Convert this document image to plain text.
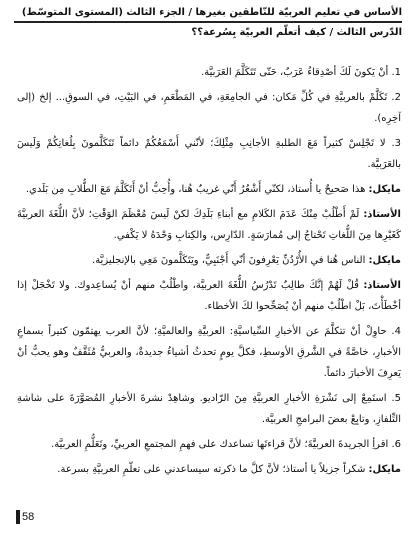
الأساس في تعليم العربيّة للنّاطقين بغيرها / الجزء الثالث (المستوى المتوسّط)
الدّرس الثالث / كيف أتعلّم العربيّة بِسُرعة؟؟

1. أنْ يَكونَ لَكَ أصْدِقاءُ عَرَبٌ، حَتّى تَتَكَلَّمَ العَرَبيَّة.

2. تَكَلَّمْ بالعربيَّةِ في كُلِّ مَكان: في الجامِعَةِ، في المَطْعَمِ، في البَيْتِ، في السوقِ... إلخ (إلى آخِرِه).

3. لا تَجْلِسْ كثيراً مَعَ الطلبةِ الأجانِبِ مِثْلِكَ؛ لأنّني أَسْمَعُكُمْ دائماً تَتَكَلَّمونَ بِلُغاتِكُمْ وَلَيسَ بالعَرَبيَّة.

مايكل: هذا صَحيحٌ يا أُستاذ، لكنّي أَشْعُرُ أَنّي غريبٌ هُنا، وأُحِبُّ أنْ أَتَكَلَّمَ مَعَ الطُّلابِ مِن بَلَدي.

الأستاذ: لَمْ أَطْلُبْ مِنْكَ عَدَمَ الكَلامِ مع أبناءِ بَلَدِكَ لكنْ لَيسَ مُعْظَمَ الوَقْتِ؛ لأنَّ اللُّغَةَ العربيَّةَ كَغَيْرِها مِنَ اللُّغاتِ تَحْتاجُ إلى مُمارَسَةٍ. الدّارِس، والكِتابِ وَحْدَهُ لا يَكْفي.

مايكل: الناس هُنا في الأُرْدُنِّ يَعْرِفونَ أنّي أَجْنَبِيٌّ، ويَتَكَلَّمونَ مَعِي بالإنجليزيَّة.

الأستاذ: قُلْ لَهُمْ إنَّكَ طالِبٌ تَدْرُسُ اللُّغَةَ العربيَّة، واطْلُبْ منهم أنْ يُساعِدوك. ولا تَخْجَلْ إذا أخْطَأْتَ، بَلْ اطْلُبْ منهم أنْ يُصَحِّحوا لكَ الأخطاء.

4. حاوِلْ أنْ تتكلَّمَ عن الأخبارِ السِّياسيَّةِ: العربيَّةِ والعالميَّةِ؛ لأنَّ العرب يهتمّون كثيراً بسماعِ الأخبارِ، خاصَّةً في الشَّرقِ الأوسطِ، فكلَّ يومٍ تحدثُ أشياءُ جديدةٌ، والعربيُّ مُثَقَّفٌ وهو يحبُّ أنْ يَعرِفَ الأخبارَ دائماً.

5. استَمِعْ إلى نَشْرَةِ الأخبارِ العربيَّةِ مِنَ الرّاديو. وشاهِدْ نشرةَ الأخبارِ المُصَوَّرَةَ على شاشةِ التِّلفازِ، وتابِعْ بعضَ البرامجِ العربيَّة.

6. اقرأِ الجريدةَ العربيَّةَ؛ لأنَّ قراءتَها تساعدك على فهمِ المجتمعِ العربيِّ، وتَعَلُّمِ العربيَّة.

مايكل: شكراً جزيلاً يا أستاذ؛ لأنَّ كلَّ ما ذكرته سيساعدني على تعلّمِ العربيَّةِ بسرعة.

58
